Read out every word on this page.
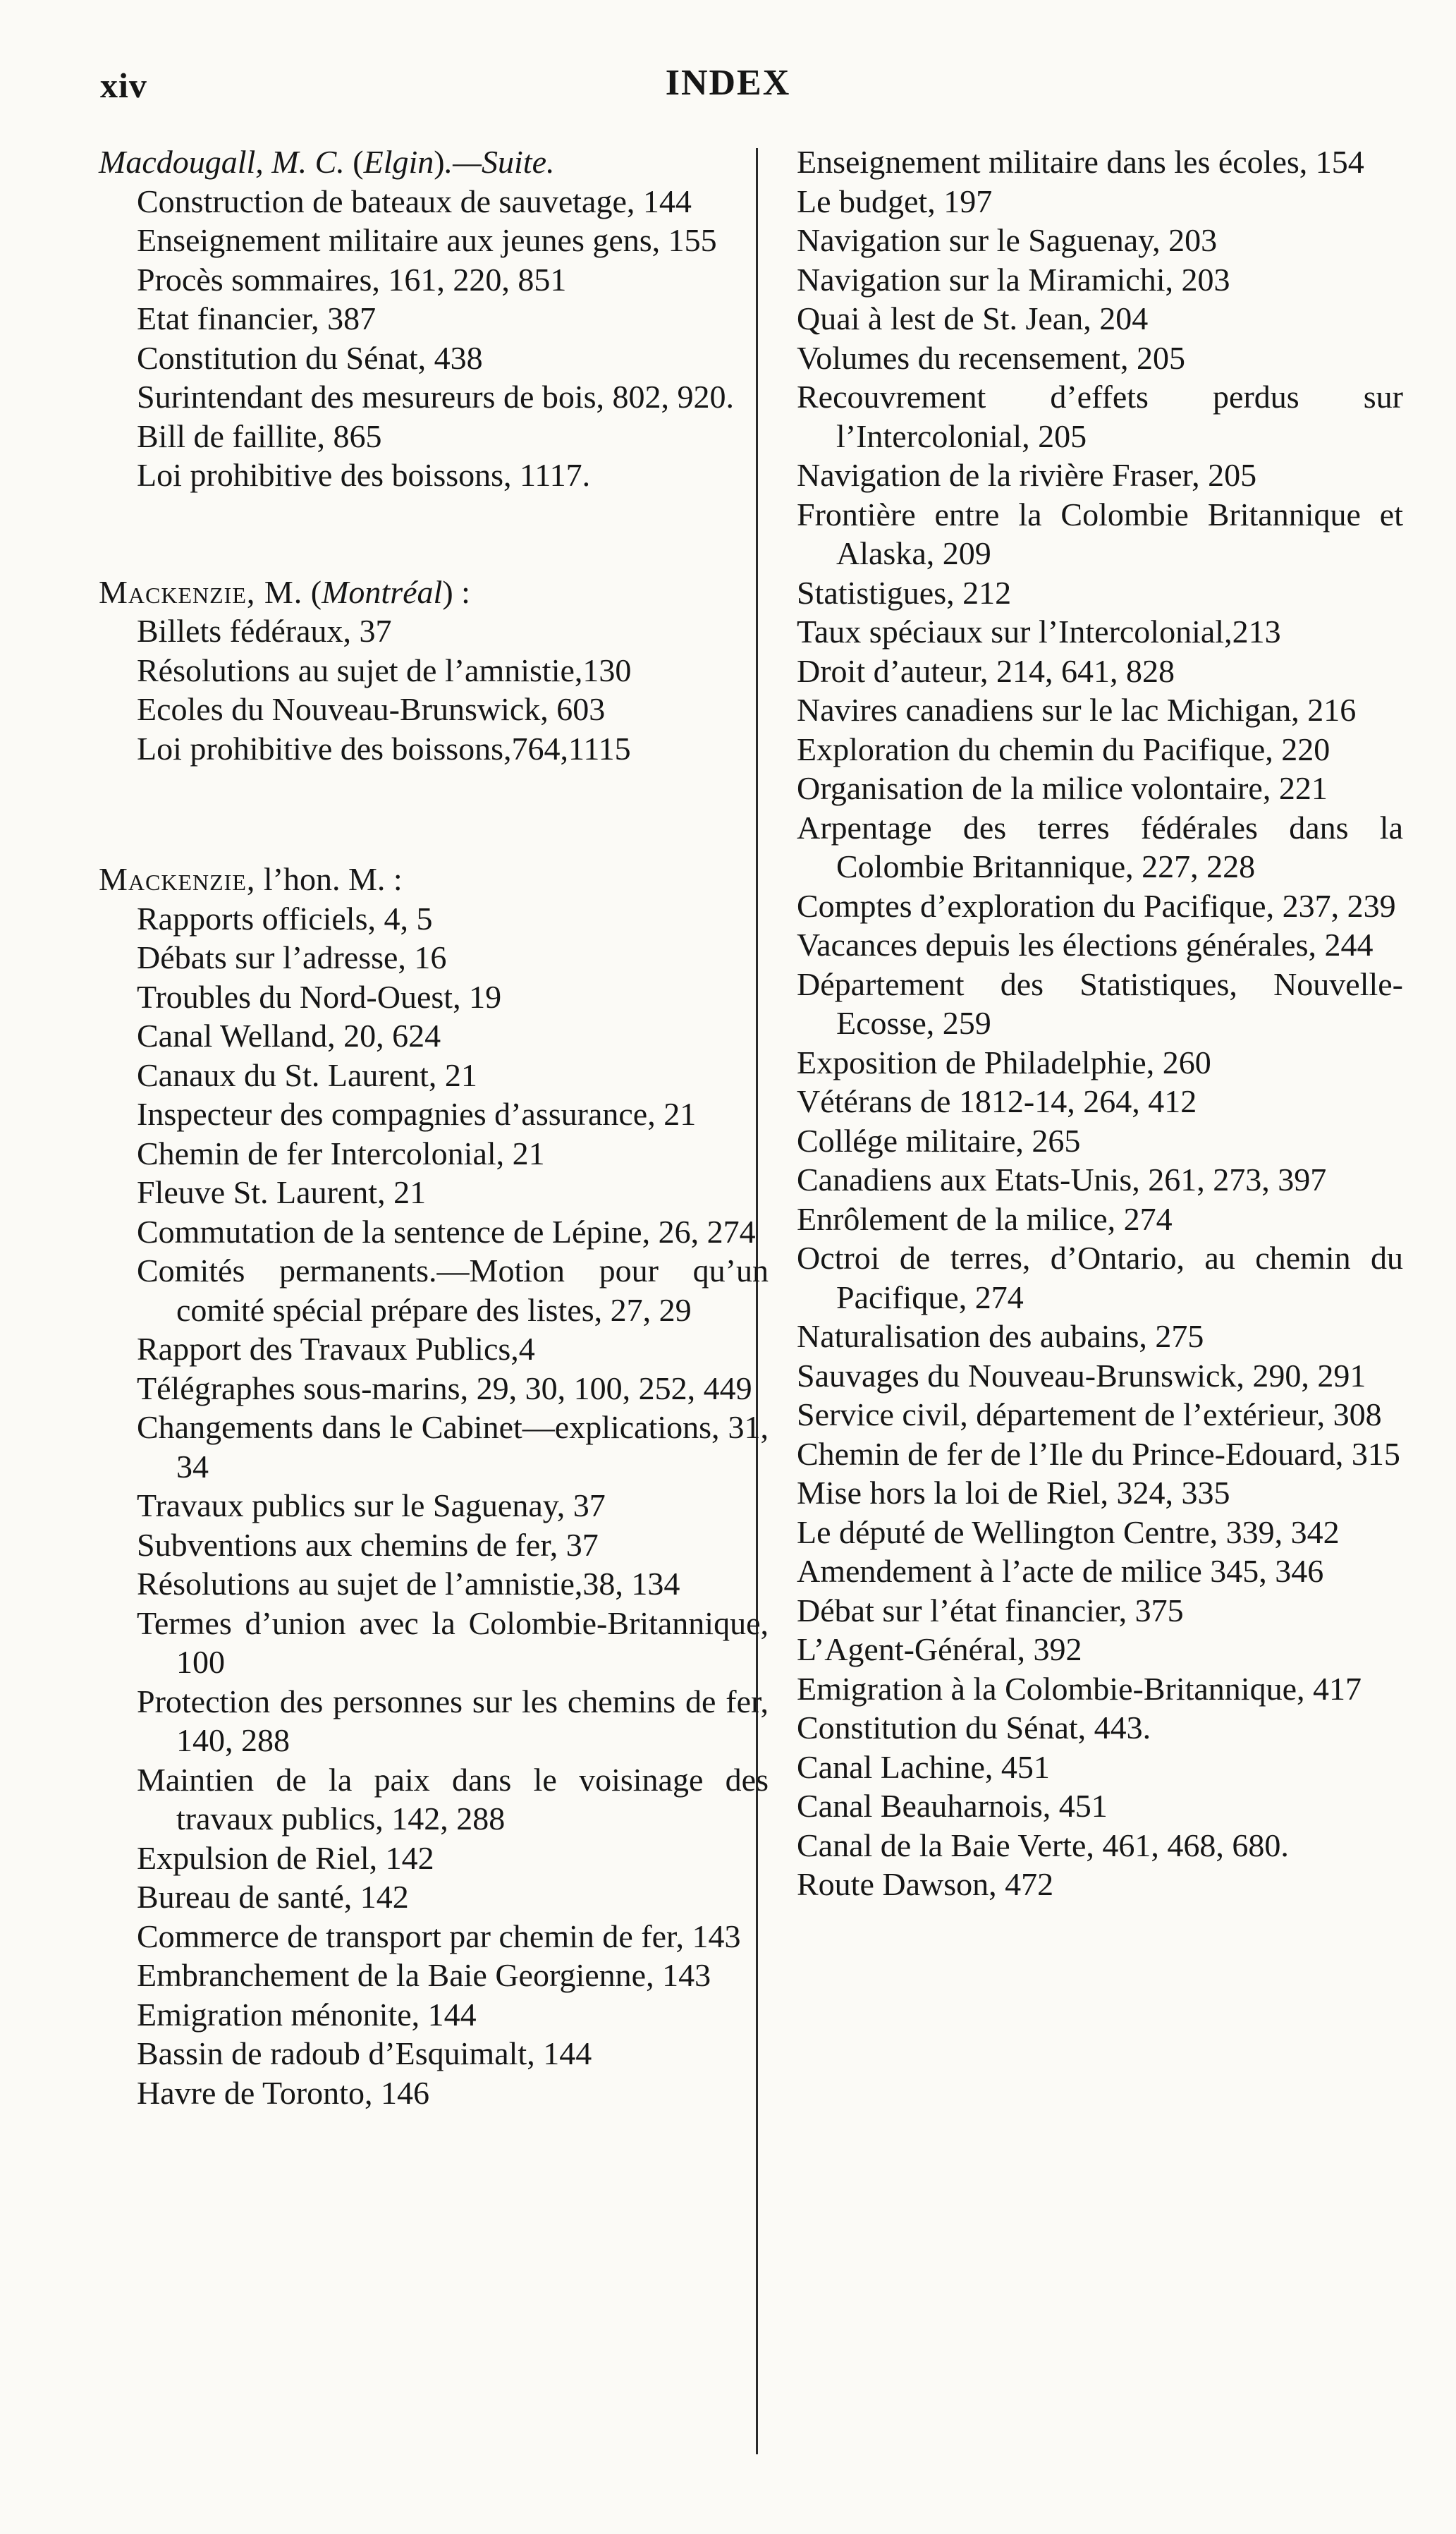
xiv	INDEX
Macdougall, M. C. (Elgin).—Suite.
Construction de bateaux de sauvetage, 144
Enseignement militaire aux jeunes gens, 155
Procès sommaires, 161, 220, 851
Etat financier, 387
Constitution du Sénat, 438
Surintendant des mesureurs de bois, 802, 920.
Bill de faillite, 865
Loi prohibitive des boissons, 1117.
Mackenzie, M. (Montréal) :
Billets fédéraux, 37
Résolutions au sujet de l’amnistie,130
Ecoles du Nouveau-Brunswick, 603
Loi prohibitive des boissons,764,1115
Mackenzie, l’hon. M. :
Rapports officiels, 4, 5
Débats sur l’adresse, 16
Troubles du Nord-Ouest, 19
Canal Welland, 20, 624
Canaux du St. Laurent, 21
Inspecteur des compagnies d’assurance, 21
Chemin de fer Intercolonial, 21
Fleuve St. Laurent, 21
Commutation de la sentence de Lépine, 26, 274
Comités permanents.—Motion pour qu’un comité spécial prépare des listes, 27, 29
Rapport des Travaux Publics,4
Télégraphes sous-marins, 29, 30, 100, 252, 449
Changements dans le Cabinet—explications, 31, 34
Travaux publics sur le Saguenay, 37
Subventions aux chemins de fer, 37
Résolutions au sujet de l’amnistie,38, 134
Termes d’union avec la Colombie-Britannique, 100
Protection des personnes sur les chemins de fer, 140, 288
Maintien de la paix dans le voisinage des travaux publics, 142, 288
Expulsion de Riel, 142
Bureau de santé, 142
Commerce de transport par chemin de fer, 143
Embranchement de la Baie Georgienne, 143
Emigration ménonite, 144
Bassin de radoub d’Esquimalt, 144
Havre de Toronto, 146
Enseignement militaire dans les écoles, 154
Le budget, 197
Navigation sur le Saguenay, 203
Navigation sur la Miramichi, 203
Quai à lest de St. Jean, 204
Volumes du recensement, 205
Recouvrement d’effets perdus sur l’Intercolonial, 205
Navigation de la rivière Fraser, 205
Frontière entre la Colombie Britannique et Alaska, 209
Statistigues, 212
Taux spéciaux sur l’Intercolonial,213
Droit d’auteur, 214, 641, 828
Navires canadiens sur le lac Michigan, 216
Exploration du chemin du Pacifique, 220
Organisation de la milice volontaire, 221
Arpentage des terres fédérales dans la Colombie Britannique, 227, 228
Comptes d’exploration du Pacifique, 237, 239
Vacances depuis les élections générales, 244
Département des Statistiques, Nouvelle-Ecosse, 259
Exposition de Philadelphie, 260
Vétérans de 1812-14, 264, 412
Collége militaire, 265
Canadiens aux Etats-Unis, 261, 273, 397
Enrôlement de la milice, 274
Octroi de terres, d’Ontario, au chemin du Pacifique, 274
Naturalisation des aubains, 275
Sauvages du Nouveau-Brunswick, 290, 291
Service civil, département de l’extérieur, 308
Chemin de fer de l’Ile du Prince-Edouard, 315
Mise hors la loi de Riel, 324, 335
Le député de Wellington Centre, 339, 342
Amendement à l’acte de milice 345, 346
Débat sur l’état financier, 375
L’Agent-Général, 392
Emigration à la Colombie-Britannique, 417
Constitution du Sénat, 443.
Canal Lachine, 451
Canal Beauharnois, 451
Canal de la Baie Verte, 461, 468, 680.
Route Dawson, 472
